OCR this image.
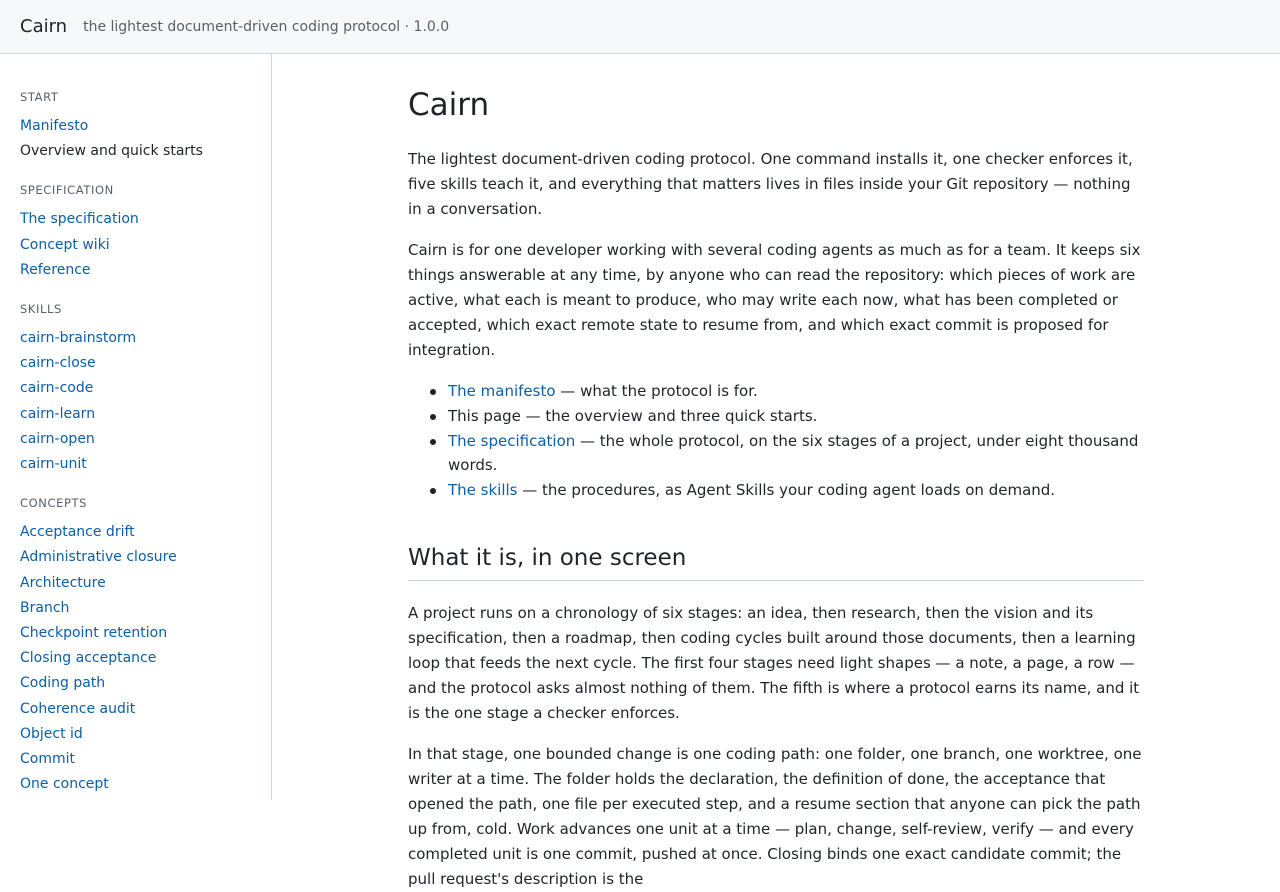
Cairn the lightest document-driven coding protocol · 1.0.0
START
Manifesto
Overview and quick starts
SPECIFICATION
The specification
Concept wiki
Reference
SKILLS
cairn-brainstorm
cairn-close
cairn-code
cairn-learn
cairn-open
cairn-unit
CONCEPTS
Acceptance drift
Administrative closure
Architecture
Branch
Checkpoint retention
Closing acceptance
Coding path
Coherence audit
Object id
Commit
One concept
Cairn

The lightest document-driven coding protocol. One command installs it, one checker enforces it, five skills teach it, and everything that matters lives in files inside your Git repository — nothing in a conversation.

Cairn is for one developer working with several coding agents as much as for a team. It keeps six things answerable at any time, by anyone who can read the repository: which pieces of work are active, what each is meant to produce, who may write each now, what has been completed or accepted, which exact remote state to resume from, and which exact commit is proposed for integration.

The manifesto — what the protocol is for.
This page — the overview and three quick starts.
The specification — the whole protocol, on the six stages of a project, under eight thousand words.
The skills — the procedures, as Agent Skills your coding agent loads on demand.
What it is, in one screen

A project runs on a chronology of six stages: an idea, then research, then the vision and its specification, then a roadmap, then coding cycles built around those documents, then a learning loop that feeds the next cycle. The first four stages need light shapes — a note, a page, a row — and the protocol asks almost nothing of them. The fifth is where a protocol earns its name, and it is the one stage a checker enforces.

In that stage, one bounded change is one coding path: one folder, one branch, one worktree, one writer at a time. The folder holds the declaration, the definition of done, the acceptance that opened the path, one file per executed step, and a resume section that anyone can pick the path up from, cold. Work advances one unit at a time — plan, change, self-review, verify — and every completed unit is one commit, pushed at once. Closing binds one exact candidate commit; the pull request's description is the
